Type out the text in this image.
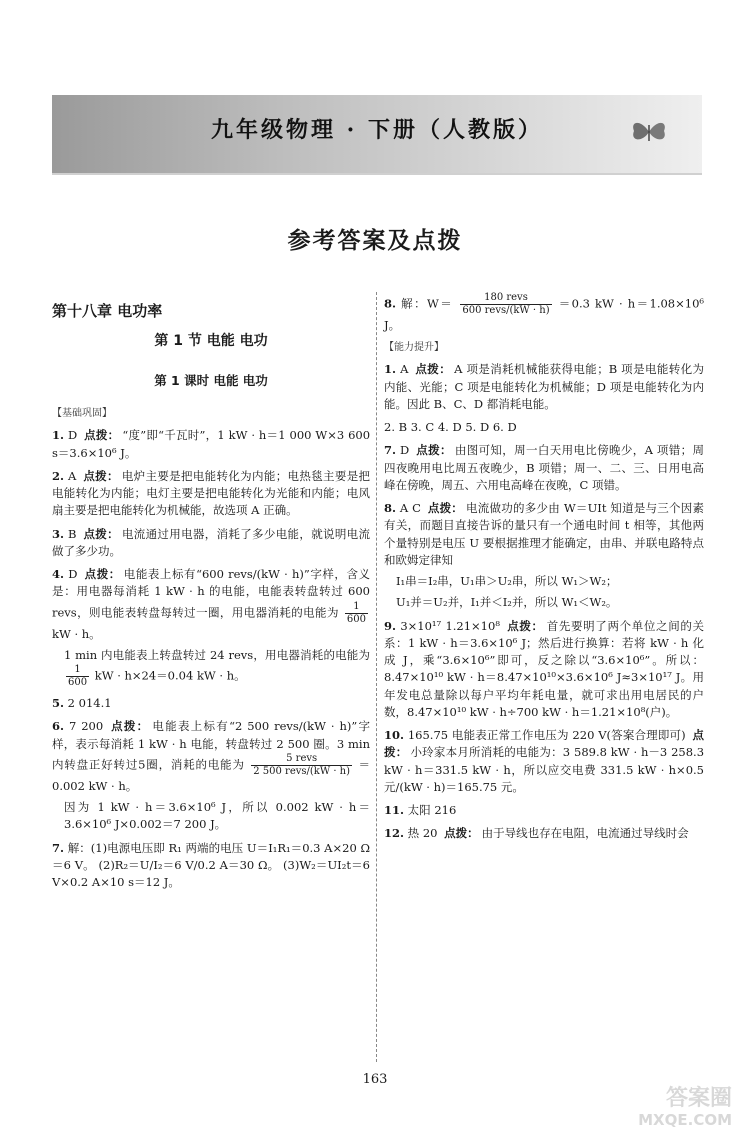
九年级物理 · 下册（人教版）
参考答案及点拨
第十八章 电功率
第 1 节 电能 电功
第 1 课时 电能 电功
【基础巩固】
1. D 点拨： “度”即“千瓦时”，1 kW · h＝1 000 W×3 600 s＝3.6×10⁶ J。
2. A 点拨： 电炉主要是把电能转化为内能；电热毯主要是把电能转化为内能；电灯主要是把电能转化为光能和内能；电风扇主要是把电能转化为机械能，故选项 A 正确。
3. B 点拨： 电流通过用电器，消耗了多少电能，就说明电流做了多少功。

4. D 点拨： 电能表上标有“600 revs/(kW · h)”字样，含义是：用电器每消耗 1 kW · h 的电能，电能表转盘转过 600 revs，则电能表转盘每转过一圈，用电器消耗的电能为 $\frac{1}{600}$
kW · h。

1 min 内电能表上转盘转过 24 revs，用电器消耗的电能为
$\frac{1}{600}$ kW · h×24＝0.04 kW · h。

5. 2 014.1

6. 7 200 点拨： 电能表上标有“2 500 revs/(kW · h)”字样，表示每消耗 1 kW · h 电能，转盘转过 2 500 圈。3 min 内转盘正好转过5圈，消耗的电能为 $\frac{\text{5 revs}}{\text{2 500 revs/(kW · h)}} =0.002$ kW · h。

因为 1 kW · h＝3.6×10⁶ J，所以 0.002 kW · h＝3.6×10⁶ J×0.002＝7 200 J。

7. 解：(1)电源电压即 R₁ 两端的电压 U＝I₁R₁＝0.3 A×20 Ω＝6 V。 (2)R₂＝U/I₂＝6 V/0.2 A＝30 Ω。 (3)W₂＝UI₂t＝6 V×0.2 A×10 s＝12 J。
8. 解：$W= \frac{\text{180 revs}}{\text{600 revs/(kW · h)}} =0.3$ kW · h＝1.08×10⁶ J。
【能力提升】
1. A 点拨： A 项是消耗机械能获得电能；B 项是电能转化为内能、光能；C 项是电能转化为机械能；D 项是电能转化为内能。因此 B、C、D 都消耗电能。
2. B 3. C 4. D 5. D 6. D
7. D 点拨： 由图可知，周一白天用电比傍晚少，A 项错；周四夜晚用电比周五夜晚少，B 项错；周一、二、三、日用电高峰在傍晚，周五、六用电高峰在夜晚，C 项错。

8. A C 点拨： 电流做功的多少由 W＝UIt 知道是与三个因素有关，而题目直接告诉的量只有一个通电时间 t 相等，其他两个量特别是电压 U 要根据推理才能确定，由串、并联电路特点和欧姆定律知

I₁串＝I₂串，U₁串＞U₂串，所以 W₁＞W₂；

U₁并＝U₂并，I₁并＜I₂并，所以 W₁＜W₂。

9. 3×10¹⁷ 1.21×10⁸ 点拨： 首先要明了两个单位之间的关系：1 kW · h＝3.6×10⁶ J；然后进行换算：若将 kW · h 化成 J，乘“3.6×10⁶”即可，反之除以“3.6×10⁶”。所以：8.47×10¹⁰ kW · h＝8.47×10¹⁰×3.6×10⁶ J≈3×10¹⁷ J。用年发电总量除以每户平均年耗电量，就可求出用电居民的户数，8.47×10¹⁰ kW · h÷700 kW · h＝1.21×10⁸(户)。
10. 165.75 电能表正常工作电压为 220 V(答案合理即可) 点拨： 小玲家本月所消耗的电能为：3 589.8 kW · h－3 258.3 kW · h＝331.5 kW · h，所以应交电费 331.5 kW · h×0.5 元/(kW · h)＝165.75 元。
11. 太阳 216
12. 热 20 点拨： 由于导线也存在电阻，电流通过导线时会
163
答案圈
MXQE.COM
